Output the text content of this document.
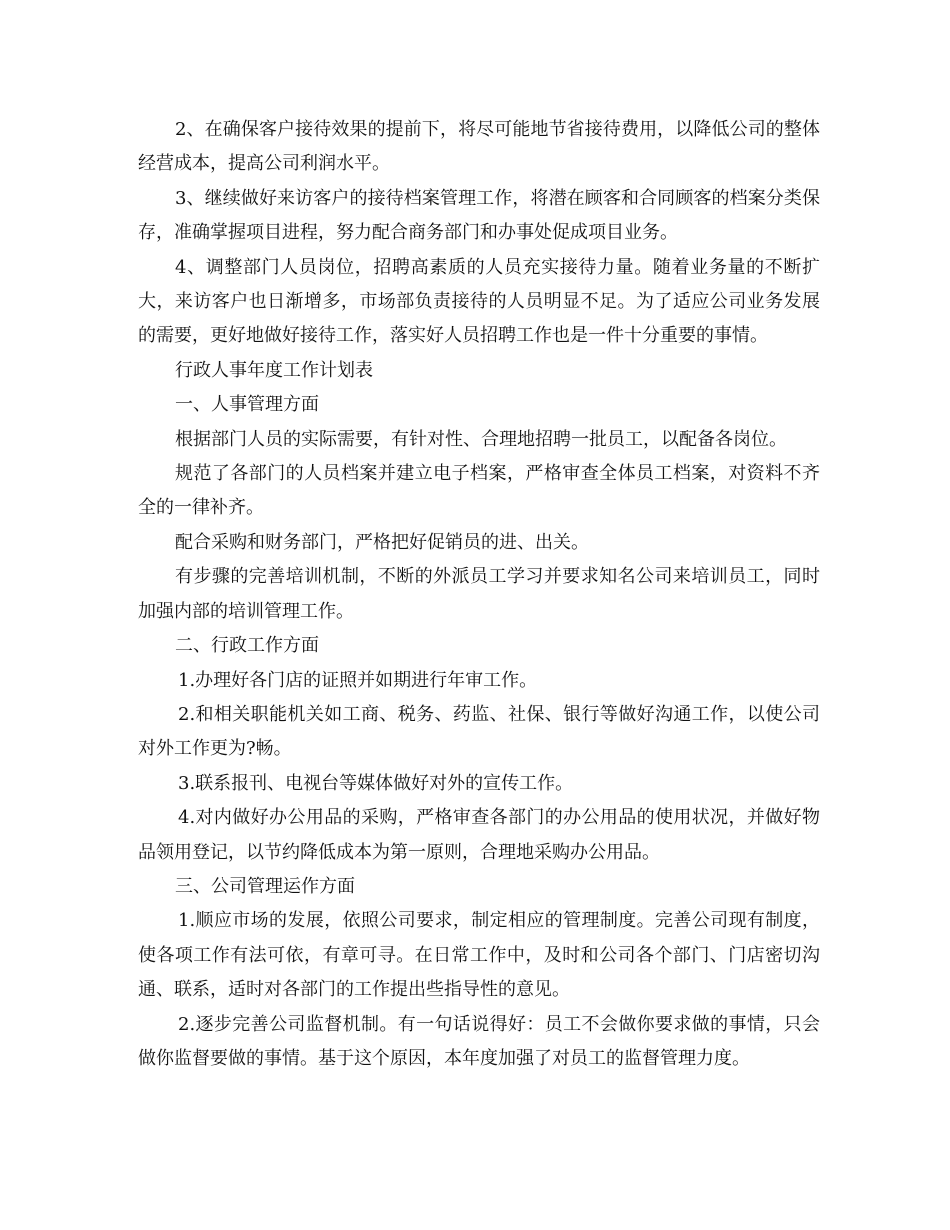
2、在确保客户接待效果的提前下，将尽可能地节省接待费用，以降低公司的整体经营成本，提高公司利润水平。

3、继续做好来访客户的接待档案管理工作，将潜在顾客和合同顾客的档案分类保存，准确掌握项目进程，努力配合商务部门和办事处促成项目业务。

4、调整部门人员岗位，招聘高素质的人员充实接待力量。随着业务量的不断扩大，来访客户也日渐增多，市场部负责接待的人员明显不足。为了适应公司业务发展的需要，更好地做好接待工作，落实好人员招聘工作也是一件十分重要的事情。

行政人事年度工作计划表

一、人事管理方面

根据部门人员的实际需要，有针对性、合理地招聘一批员工，以配备各岗位。

规范了各部门的人员档案并建立电子档案，严格审查全体员工档案，对资料不齐全的一律补齐。

配合采购和财务部门，严格把好促销员的进、出关。

有步骤的完善培训机制，不断的外派员工学习并要求知名公司来培训员工，同时加强内部的培训管理工作。

二、行政工作方面

1.办理好各门店的证照并如期进行年审工作。

2.和相关职能机关如工商、税务、药监、社保、银行等做好沟通工作，以使公司对外工作更为?畅。

3.联系报刊、电视台等媒体做好对外的宣传工作。

4.对内做好办公用品的采购，严格审查各部门的办公用品的使用状况，并做好物品领用登记，以节约降低成本为第一原则，合理地采购办公用品。

三、公司管理运作方面

1.顺应市场的发展，依照公司要求，制定相应的管理制度。完善公司现有制度，使各项工作有法可依，有章可寻。在日常工作中，及时和公司各个部门、门店密切沟通、联系，适时对各部门的工作提出些指导性的意见。

2.逐步完善公司监督机制。有一句话说得好：员工不会做你要求做的事情，只会做你监督要做的事情。基于这个原因，本年度加强了对员工的监督管理力度。
